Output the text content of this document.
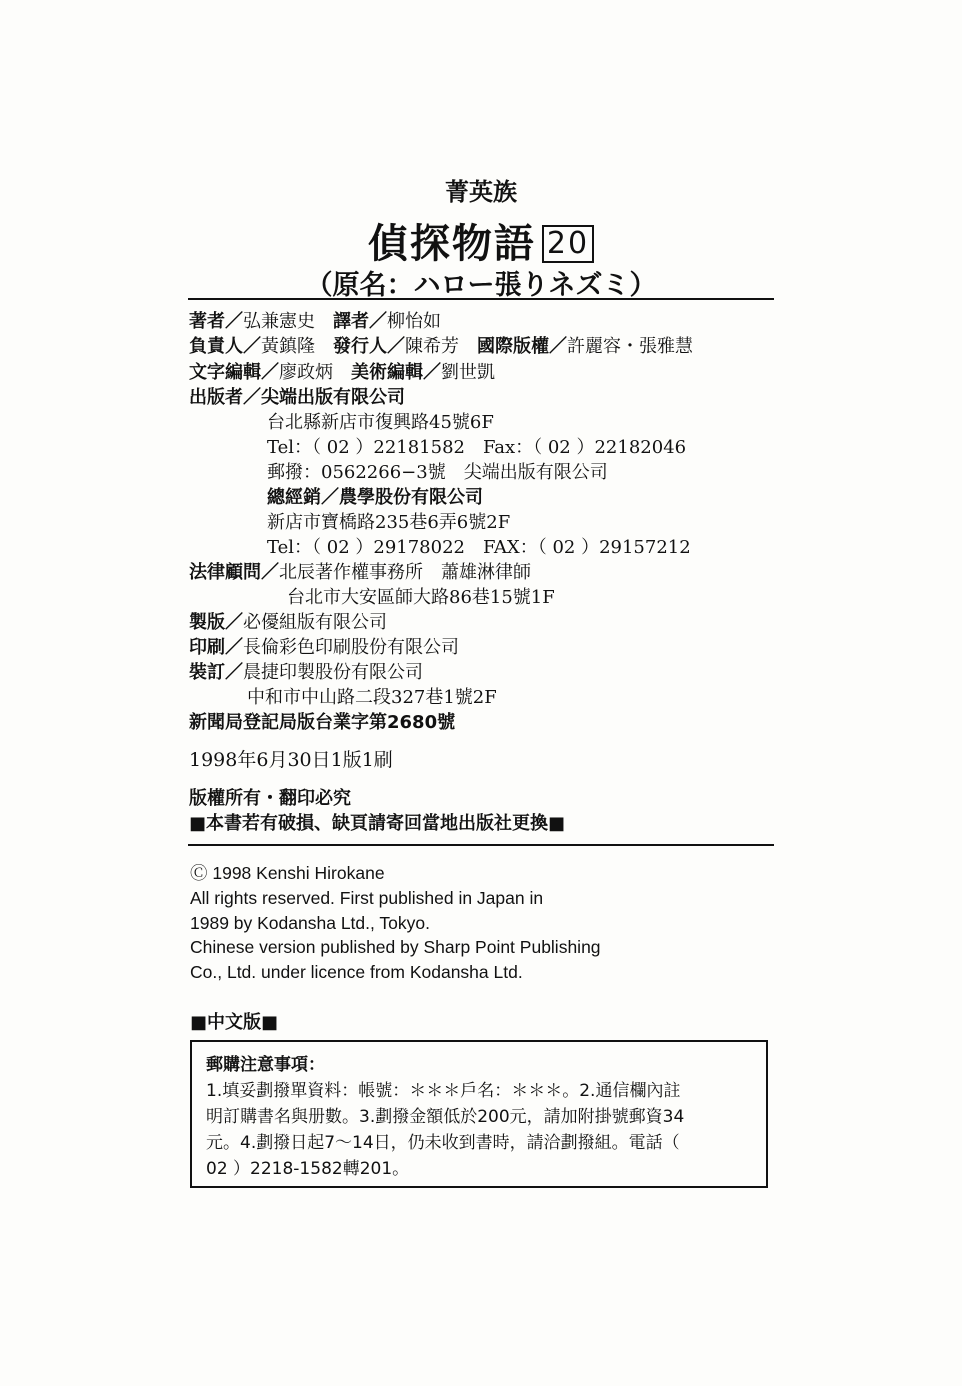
菁英族
偵探物語 20
（原名：ハロー張りネズミ）
著者／弘兼憲史　 譯者／柳怡如
負責人／黃鎮隆　 發行人／陳希芳　 國際版權／許麗容・張雅慧
文字編輯／廖政炳　 美術編輯／劉世凱
出版者／尖端出版有限公司
台北縣新店市復興路45號6F
Tel：（ 02 ）22181582　Fax：（ 02 ）22182046
郵撥：0562266−3號　尖端出版有限公司
總經銷／農學股份有限公司
新店市寶橋路235巷6弄6號2F
Tel：（ 02 ）29178022　FAX：（ 02 ）29157212
法律顧問／北辰著作權事務所　蕭雄淋律師
台北市大安區師大路86巷15號1F
製版／必優組版有限公司
印刷／長倫彩色印刷股份有限公司
裝訂／晨捷印製股份有限公司
中和市中山路二段327巷1號2F
新聞局登記局版台業字第2680號
1998年6月30日1版1刷
版權所有・翻印必究
■本書若有破損、缺頁請寄回當地出版社更換■
Ⓒ 1998 Kenshi Hirokane
All rights reserved. First published in Japan in
1989 by Kodansha Ltd., Tokyo.
Chinese version published by Sharp Point Publishing
Co., Ltd. under licence from Kodansha Ltd.
■中文版■
郵購注意事項：
1.填妥劃撥單資料：帳號：＊＊＊戶名：＊＊＊。2.通信欄內註
明訂購書名與册數。3.劃撥金額低於200元，請加附掛號郵資34
元。4.劃撥日起7～14日，仍未收到書時，請洽劃撥組。電話（
02 ）2218-1582轉201。
